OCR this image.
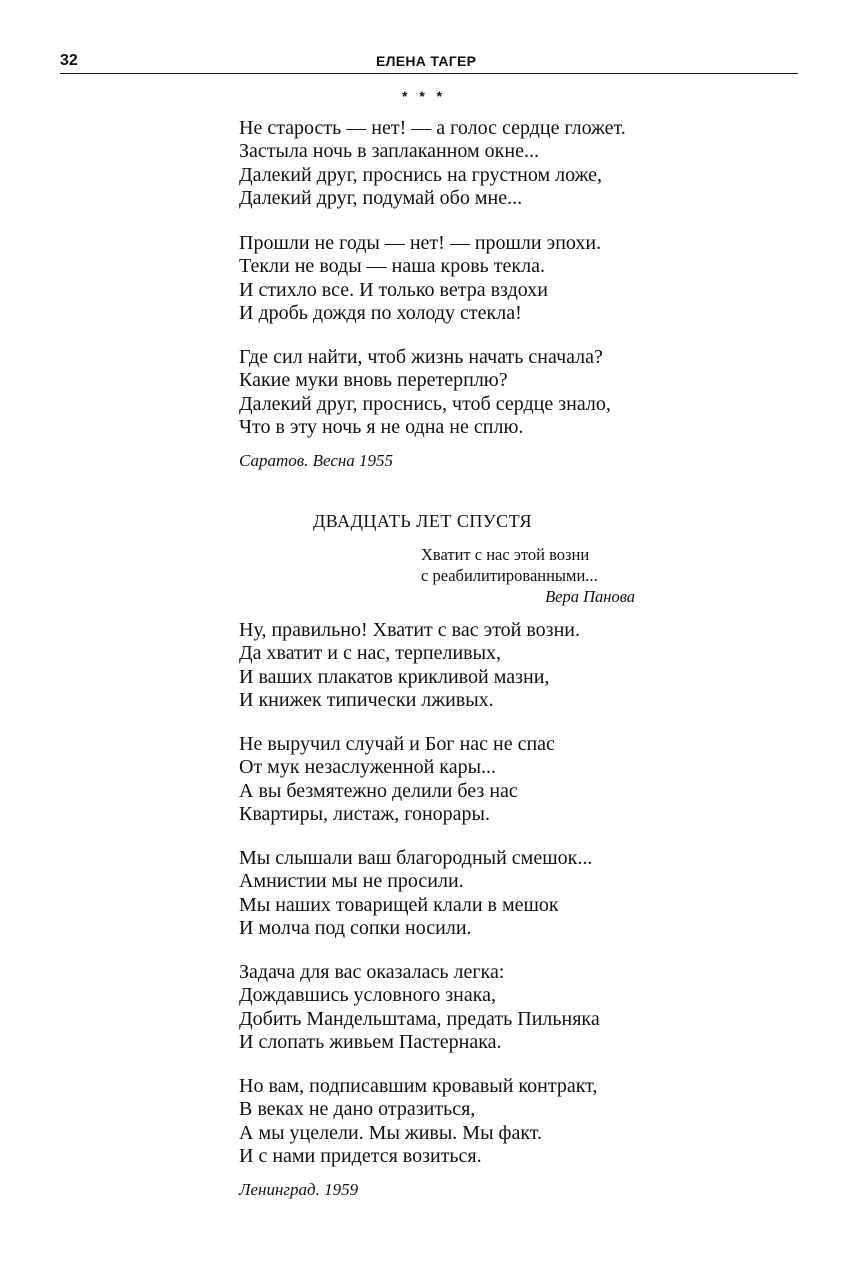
32	ЕЛЕНА ТАГЕР
* * *
Не старость — нет! — а голос сердце гложет.
Застыла ночь в заплаканном окне...
Далекий друг, проснись на грустном ложе,
Далекий друг, подумай обо мне...
Прошли не годы — нет! — прошли эпохи.
Текли не воды — наша кровь текла.
И стихло все. И только ветра вздохи
И дробь дождя по холоду стекла!
Где сил найти, чтоб жизнь начать сначала?
Какие муки вновь перетерплю?
Далекий друг, проснись, чтоб сердце знало,
Что в эту ночь я не одна не сплю.
Саратов. Весна 1955
ДВАДЦАТЬ ЛЕТ СПУСТЯ
Хватит с нас этой возни
с реабилитированными...
Вера Панова
Ну, правильно! Хватит с вас этой возни.
Да хватит и с нас, терпеливых,
И ваших плакатов крикливой мазни,
И книжек типически лживых.
Не выручил случай и Бог нас не спас
От мук незаслуженной кары...
А вы безмятежно делили без нас
Квартиры, листаж, гонорары.
Мы слышали ваш благородный смешок...
Амнистии мы не просили.
Мы наших товарищей клали в мешок
И молча под сопки носили.
Задача для вас оказалась легка:
Дождавшись условного знака,
Добить Мандельштама, предать Пильняка
И слопать живьем Пастернака.
Но вам, подписавшим кровавый контракт,
В веках не дано отразиться,
А мы уцелели. Мы живы. Мы факт.
И с нами придется возиться.
Ленинград. 1959
